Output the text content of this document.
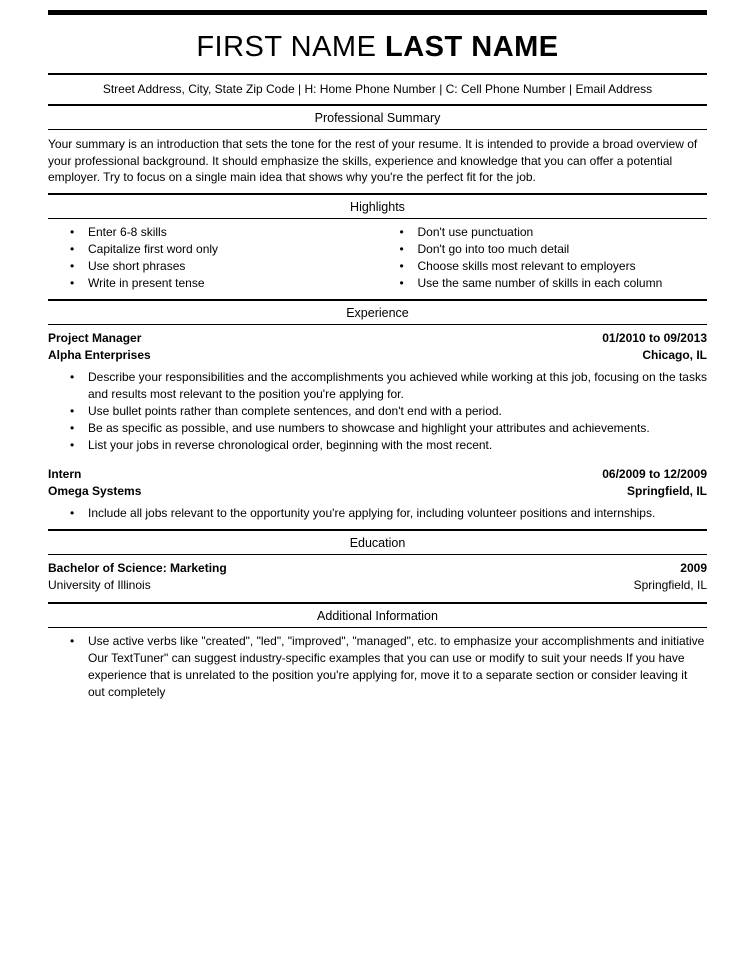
FIRST NAME LAST NAME
Street Address, City, State Zip Code | H: Home Phone Number | C: Cell Phone Number | Email Address
Professional Summary
Your summary is an introduction that sets the tone for the rest of your resume. It is intended to provide a broad overview of your professional background. It should emphasize the skills, experience and knowledge that you can offer a potential employer. Try to focus on a single main idea that shows why you're the perfect fit for the job.
Highlights
• Enter 6-8 skills
• Capitalize first word only
• Use short phrases
• Write in present tense
• Don't use punctuation
• Don't go into too much detail
• Choose skills most relevant to employers
• Use the same number of skills in each column
Experience
Project Manager	01/2010 to 09/2013
Alpha Enterprises	Chicago, IL
• Describe your responsibilities and the accomplishments you achieved while working at this job, focusing on the tasks and results most relevant to the position you're applying for.
• Use bullet points rather than complete sentences, and don't end with a period.
• Be as specific as possible, and use numbers to showcase and highlight your attributes and achievements.
• List your jobs in reverse chronological order, beginning with the most recent.
Intern	06/2009 to 12/2009
Omega Systems	Springfield, IL
• Include all jobs relevant to the opportunity you're applying for, including volunteer positions and internships.
Education
Bachelor of Science: Marketing	2009
University of Illinois	Springfield, IL
Additional Information
• Use active verbs like "created", "led", "improved", "managed", etc. to emphasize your accomplishments and initiative Our TextTuner" can suggest industry-specific examples that you can use or modify to suit your needs If you have experience that is unrelated to the position you're applying for, move it to a separate section or consider leaving it out completely
